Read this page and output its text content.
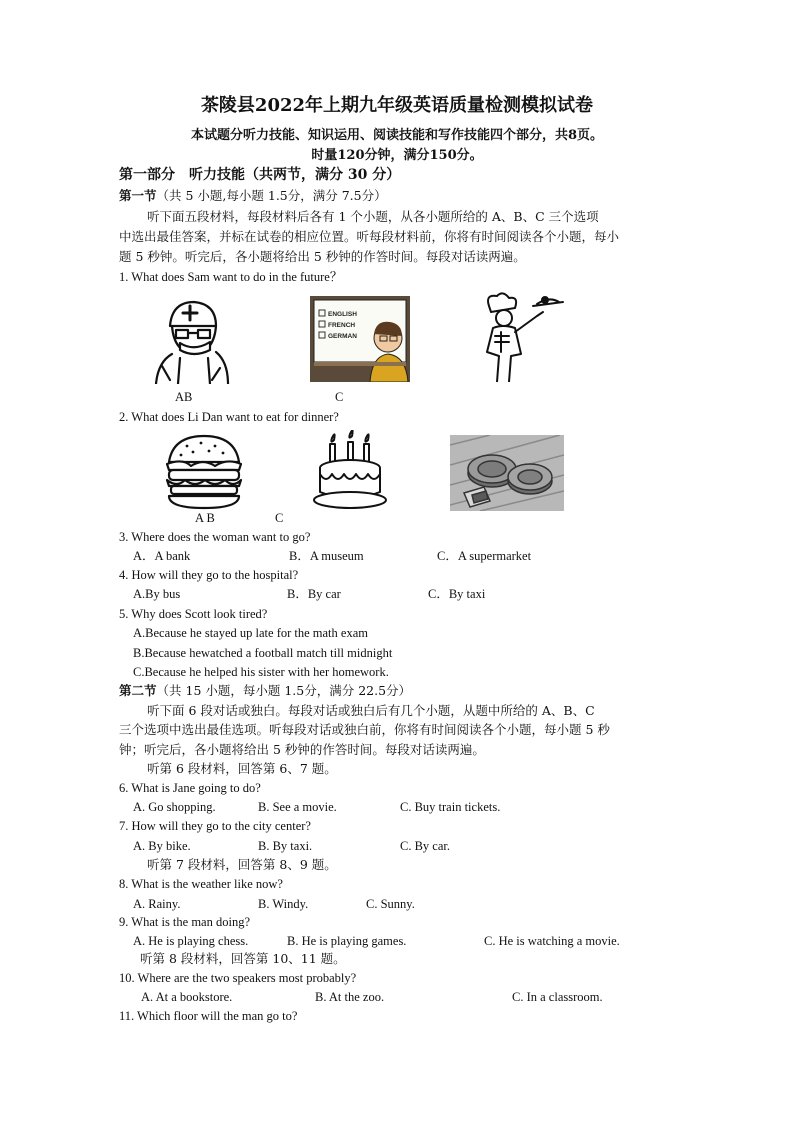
茶陵县2022年上期九年级英语质量检测模拟试卷
本试题分听力技能、知识运用、阅读技能和写作技能四个部分，共8页。
时量120分钟，满分150分。
第一部分　听力技能（共两节，满分 30 分）
第一节（共 5 小题,每小题 1.5分，满分 7.5分）
听下面五段材料，每段材料后各有 1 个小题，从各小题所给的 A、B、C 三个选项
中选出最佳答案，并标在试卷的相应位置。听每段材料前，你将有时间阅读各个小题，每小
题 5 秒钟。听完后，各小题将给出 5 秒钟的作答时间。每段对话读两遍。
1. What does Sam want to do in the future？
ENGLISH
FRENCH
GERMAN
AB	C
2. What does Li Dan want to eat for dinner?
A B	C
3. Where does the woman want to go?
A．A bank	B．A museum	C．A supermarket
4. How will they go to the hospital?
A.By bus	B．By car	C．By taxi
5. Why does Scott look tired?
A.Because he stayed up late for the math exam
B.Because hewatched a football match till midnight
C.Because he helped his sister with her homework.
第二节（共 15 小题，每小题 1.5分，满分 22.5分）
听下面 6 段对话或独白。每段对话或独白后有几个小题，从题中所给的 A、B、C
三个选项中选出最佳选项。听每段对话或独白前，你将有时间阅读各个小题，每小题 5 秒
钟；听完后，各小题将给出 5 秒钟的作答时间。每段对话读两遍。
听第 6 段材料，回答第 6、7 题。
6. What is Jane going to do?
A. Go shopping.	B. See a movie.	C. Buy train tickets.
7. How will they go to the city center?
A. By bike.	B. By taxi.	C. By car.
听第 7 段材料，回答第 8、9 题。
8. What is the weather like now?
A. Rainy.	B. Windy.	C. Sunny.
9. What is the man doing?
A. He is playing chess.	B. He is playing games.	C. He is watching a movie.
听第 8 段材料，回答第 10、11 题。
10. Where are the two speakers most probably?
A. At a bookstore.	B. At the zoo.	C. In a classroom.
11. Which floor will the man go to?
